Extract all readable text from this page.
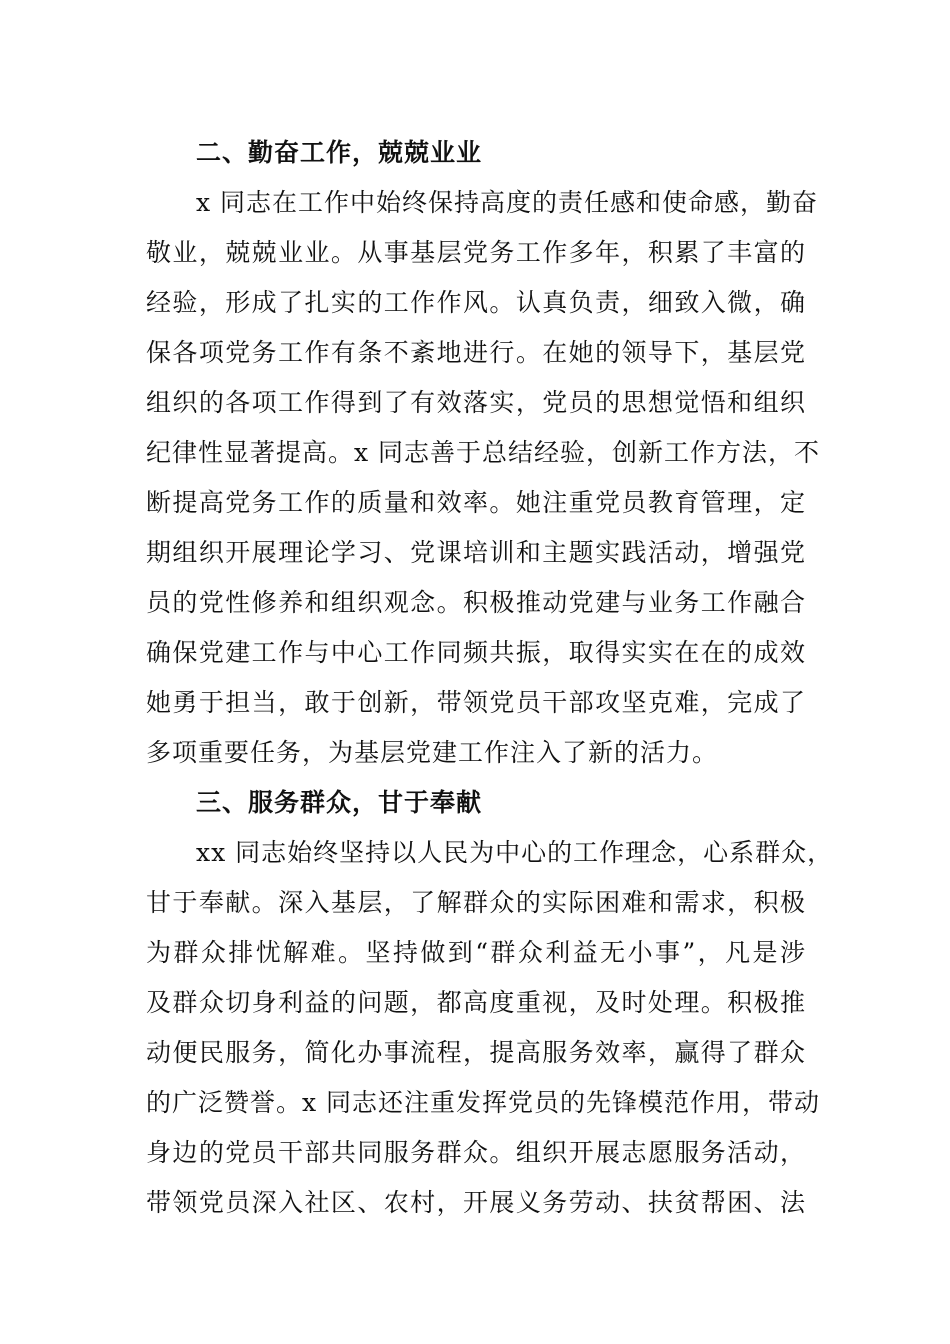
二、勤奋工作，兢兢业业
x 同志在工作中始终保持高度的责任感和使命感，勤奋
敬业，兢兢业业。从事基层党务工作多年，积累了丰富的
经验，形成了扎实的工作作风。认真负责，细致入微，确
保各项党务工作有条不紊地进行。在她的领导下，基层党
组织的各项工作得到了有效落实，党员的思想觉悟和组织
纪律性显著提高。x 同志善于总结经验，创新工作方法，不
断提高党务工作的质量和效率。她注重党员教育管理，定
期组织开展理论学习、党课培训和主题实践活动，增强党
员的党性修养和组织观念。积极推动党建与业务工作融合
确保党建工作与中心工作同频共振，取得实实在在的成效
她勇于担当，敢于创新，带领党员干部攻坚克难，完成了
多项重要任务，为基层党建工作注入了新的活力。
三、服务群众，甘于奉献
xx 同志始终坚持以人民为中心的工作理念，心系群众，
甘于奉献。深入基层，了解群众的实际困难和需求，积极
为群众排忧解难。坚持做到“群众利益无小事”，凡是涉
及群众切身利益的问题，都高度重视，及时处理。积极推
动便民服务，简化办事流程，提高服务效率，赢得了群众
的广泛赞誉。x 同志还注重发挥党员的先锋模范作用，带动
身边的党员干部共同服务群众。组织开展志愿服务活动，
带领党员深入社区、农村，开展义务劳动、扶贫帮困、法
